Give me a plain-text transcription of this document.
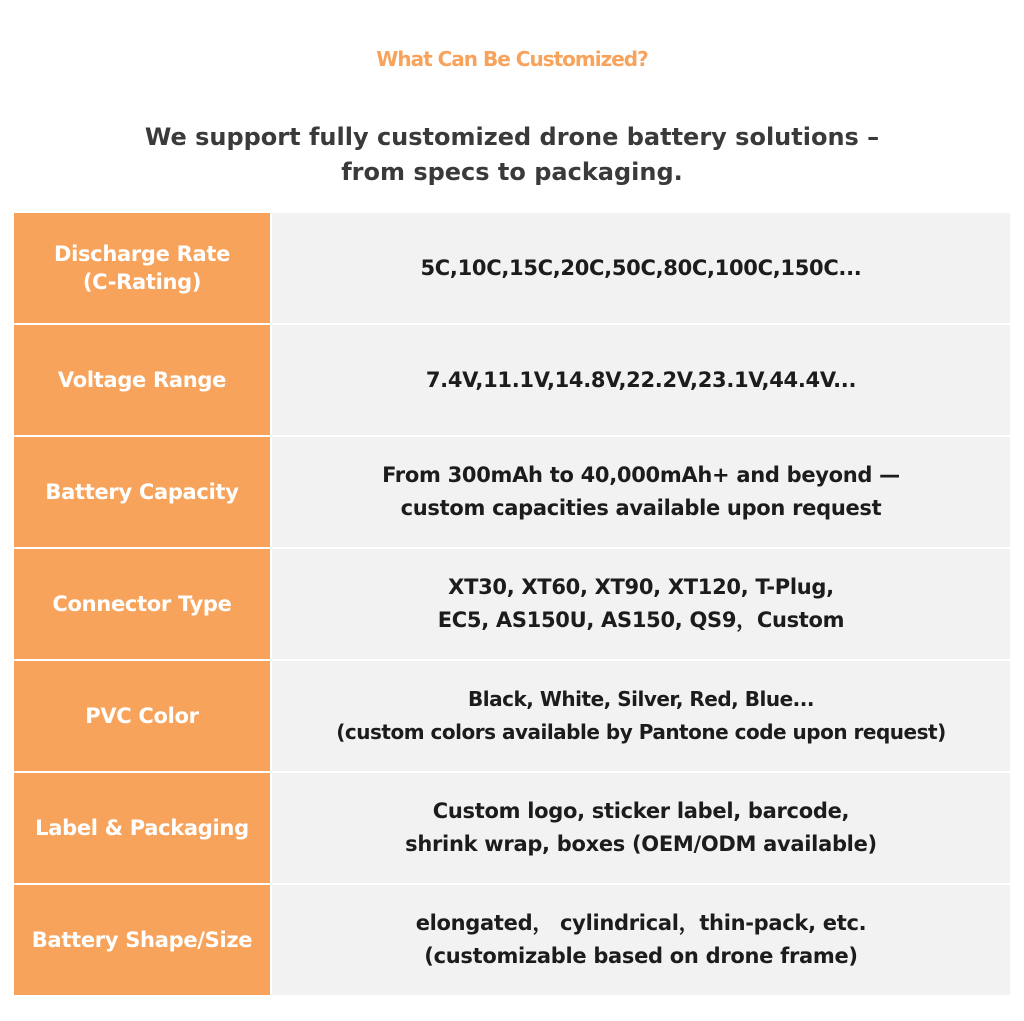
What Can Be Customized?
We support fully customized drone battery solutions –
from specs to packaging.
Discharge Rate
(C-Rating)
5C,10C,15C,20C,50C,80C,100C,150C...
Voltage Range	7.4V,11.1V,14.8V,22.2V,23.1V,44.4V...
Battery Capacity
From 300mAh to 40,000mAh+ and beyond —
custom capacities available upon request
Connector Type
XT30, XT60, XT90, XT120, T-Plug,
EC5, AS150U, AS150, QS9，Custom
PVC Color
Black, White, Silver, Red, Blue...
(custom colors available by Pantone code upon request)
Label & Packaging
Custom logo, sticker label, barcode,
shrink wrap, boxes (OEM/ODM available)
Battery Shape/Size
elongated， cylindrical，thin-pack, etc.
(customizable based on drone frame)
